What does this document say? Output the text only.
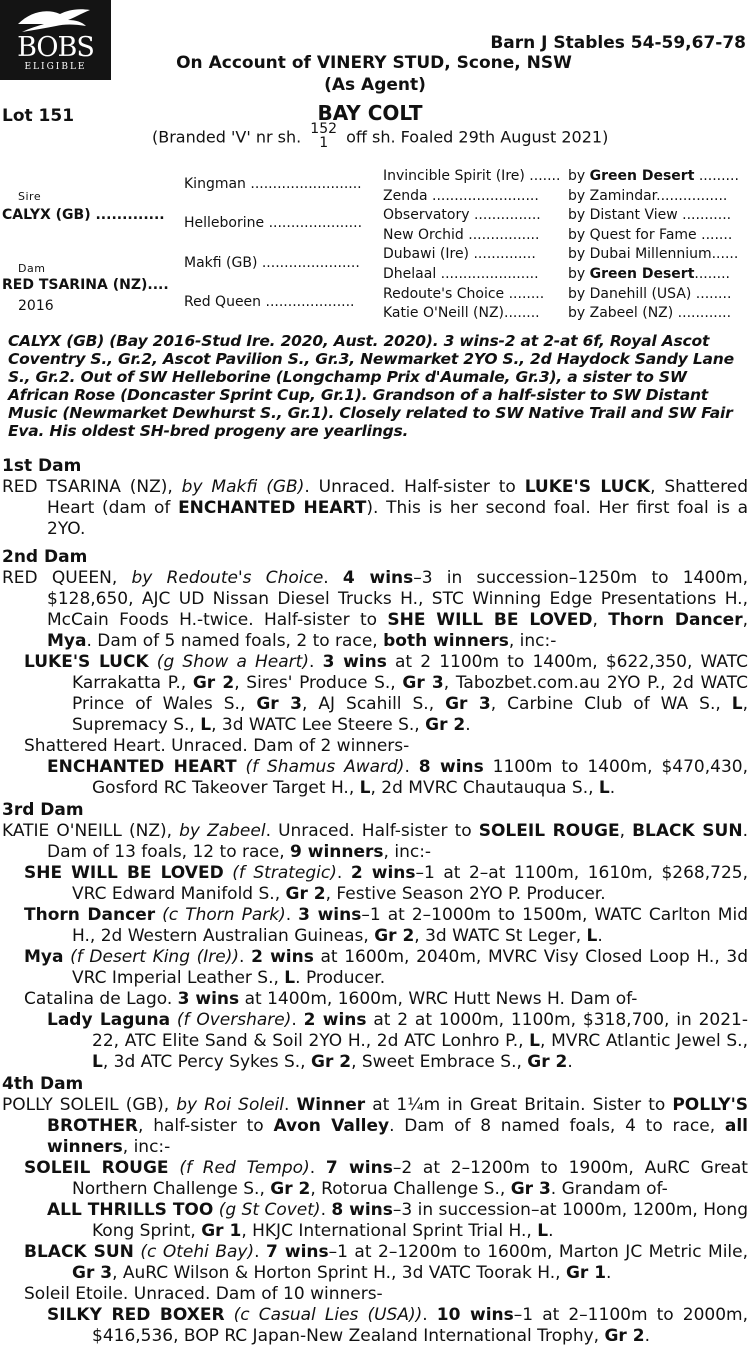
BOBS
ELIGIBLE
Barn J Stables 54-59,67-78
On Account of VINERY STUD, Scone, NSW
(As Agent)
Lot 151	BAY COLT
(Branded 'V' nr sh. 152
1 off sh. Foaled 29th August 2021)
Sire
CALYX (GB) .............
Dam
RED TSARINA (NZ)....
2016
Kingman .........................
Helleborine .....................
Makfi (GB) ......................
Red Queen ....................
Invincible Spirit (Ire) .......
Zenda ........................
Observatory ...............
New Orchid ................
Dubawi (Ire) ..............
Dhelaal ......................
Redoute's Choice ........
Katie O'Neill (NZ)........
by Green Desert .........
by Zamindar................
by Distant View ...........
by Quest for Fame .......
by Dubai Millennium......
by Green Desert........
by Danehill (USA) ........
by Zabeel (NZ) ............
CALYX (GB) (Bay 2016-Stud Ire. 2020, Aust. 2020). 3 wins-2 at 2-at 6f, Royal Ascot Coventry S., Gr.2, Ascot Pavilion S., Gr.3, Newmarket 2YO S., 2d Haydock Sandy Lane S., Gr.2. Out of SW Helleborine (Longchamp Prix d'Aumale, Gr.3), a sister to SW African Rose (Doncaster Sprint Cup, Gr.1). Grandson of a half-sister to SW Distant Music (Newmarket Dewhurst S., Gr.1). Closely related to SW Native Trail and SW Fair Eva. His oldest SH-bred progeny are yearlings.
1st Dam
RED TSARINA (NZ), by Makfi (GB). Unraced. Half-sister to LUKE'S LUCK, Shattered Heart (dam of ENCHANTED HEART). This is her second foal. Her first foal is a 2YO.
2nd Dam
RED QUEEN, by Redoute's Choice. 4 wins–3 in succession–1250m to 1400m, $128,650, AJC UD Nissan Diesel Trucks H., STC Winning Edge Presentations H., McCain Foods H.-twice. Half-sister to SHE WILL BE LOVED, Thorn Dancer, Mya. Dam of 5 named foals, 2 to race, both winners, inc:-
LUKE'S LUCK (g Show a Heart). 3 wins at 2 1100m to 1400m, $622,350, WATC Karrakatta P., Gr 2, Sires' Produce S., Gr 3, Tabozbet.com.au 2YO P., 2d WATC Prince of Wales S., Gr 3, AJ Scahill S., Gr 3, Carbine Club of WA S., L, Supremacy S., L, 3d WATC Lee Steere S., Gr 2.
Shattered Heart. Unraced. Dam of 2 winners-
ENCHANTED HEART (f Shamus Award). 8 wins 1100m to 1400m, $470,430, Gosford RC Takeover Target H., L, 2d MVRC Chautauqua S., L.
3rd Dam
KATIE O'NEILL (NZ), by Zabeel. Unraced. Half-sister to SOLEIL ROUGE, BLACK SUN. Dam of 13 foals, 12 to race, 9 winners, inc:-
SHE WILL BE LOVED (f Strategic). 2 wins–1 at 2–at 1100m, 1610m, $268,725, VRC Edward Manifold S., Gr 2, Festive Season 2YO P. Producer.
Thorn Dancer (c Thorn Park). 3 wins–1 at 2–1000m to 1500m, WATC Carlton Mid H., 2d Western Australian Guineas, Gr 2, 3d WATC St Leger, L.
Mya (f Desert King (Ire)). 2 wins at 1600m, 2040m, MVRC Visy Closed Loop H., 3d VRC Imperial Leather S., L. Producer.
Catalina de Lago. 3 wins at 1400m, 1600m, WRC Hutt News H. Dam of-
Lady Laguna (f Overshare). 2 wins at 2 at 1000m, 1100m, $318,700, in 2021-22, ATC Elite Sand & Soil 2YO H., 2d ATC Lonhro P., L, MVRC Atlantic Jewel S., L, 3d ATC Percy Sykes S., Gr 2, Sweet Embrace S., Gr 2.
4th Dam
POLLY SOLEIL (GB), by Roi Soleil. Winner at 1¼m in Great Britain. Sister to POLLY'S BROTHER, half-sister to Avon Valley. Dam of 8 named foals, 4 to race, all winners, inc:-
SOLEIL ROUGE (f Red Tempo). 7 wins–2 at 2–1200m to 1900m, AuRC Great Northern Challenge S., Gr 2, Rotorua Challenge S., Gr 3. Grandam of-
ALL THRILLS TOO (g St Covet). 8 wins–3 in succession–at 1000m, 1200m, Hong Kong Sprint, Gr 1, HKJC International Sprint Trial H., L.
BLACK SUN (c Otehi Bay). 7 wins–1 at 2–1200m to 1600m, Marton JC Metric Mile, Gr 3, AuRC Wilson & Horton Sprint H., 3d VATC Toorak H., Gr 1.
Soleil Etoile. Unraced. Dam of 10 winners-
SILKY RED BOXER (c Casual Lies (USA)). 10 wins–1 at 2–1100m to 2000m, $416,536, BOP RC Japan-New Zealand International Trophy, Gr 2.
